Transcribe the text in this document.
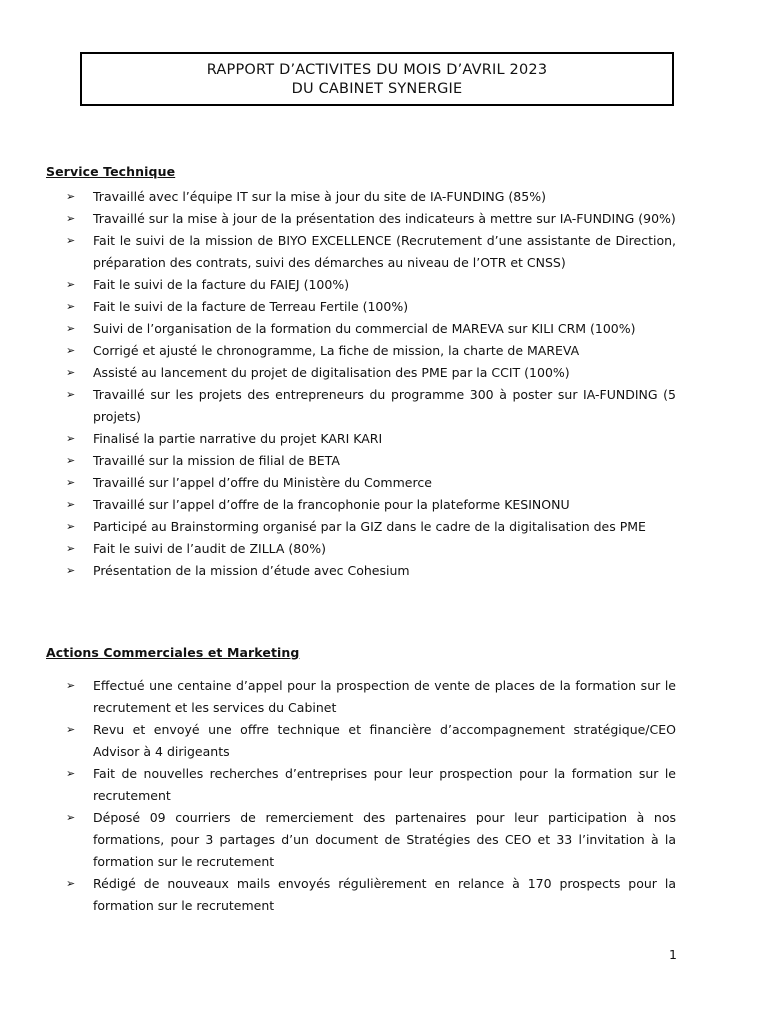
RAPPORT D’ACTIVITES DU MOIS D’AVRIL 2023
DU CABINET SYNERGIE
Service Technique
➢	Travaillé avec l’équipe IT sur la mise à jour du site de IA-FUNDING (85%)
➢	Travaillé sur la mise à jour de la présentation des indicateurs à mettre sur IA-FUNDING (90%)
➢	Fait le suivi de la mission de BIYO EXCELLENCE (Recrutement d’une assistante de Direction, préparation des contrats, suivi des démarches au niveau de l’OTR et CNSS)
➢	Fait le suivi de la facture du FAIEJ (100%)
➢	Fait le suivi de la facture de Terreau Fertile (100%)
➢	Suivi de l’organisation de la formation du commercial de MAREVA sur KILI CRM (100%)
➢	Corrigé et ajusté le chronogramme, La fiche de mission, la charte de MAREVA
➢	Assisté au lancement du projet de digitalisation des PME par la CCIT (100%)
➢	Travaillé sur les projets des entrepreneurs du programme 300 à poster sur IA-FUNDING (5 projets)
➢	Finalisé la partie narrative du projet KARI KARI
➢	Travaillé sur la mission de filial de BETA
➢	Travaillé sur l’appel d’offre du Ministère du Commerce
➢	Travaillé sur l’appel d’offre de la francophonie pour la plateforme KESINONU
➢	Participé au Brainstorming organisé par la GIZ dans le cadre de la digitalisation des PME
➢	Fait le suivi de l’audit de ZILLA (80%)
➢	Présentation de la mission d’étude avec Cohesium
Actions Commerciales et Marketing
➢	Effectué une centaine d’appel pour la prospection de vente de places de la formation sur le recrutement et les services du Cabinet
➢	Revu et envoyé une offre technique et financière d’accompagnement stratégique/CEO Advisor à 4 dirigeants
➢	Fait de nouvelles recherches d’entreprises pour leur prospection pour la formation sur le recrutement
➢	Déposé 09 courriers de remerciement des partenaires pour leur participation à nos formations, pour 3 partages d’un document de Stratégies des CEO et 33 l’invitation à la formation sur le recrutement
➢	Rédigé de nouveaux mails envoyés régulièrement en relance à 170 prospects pour la formation sur le recrutement
1
